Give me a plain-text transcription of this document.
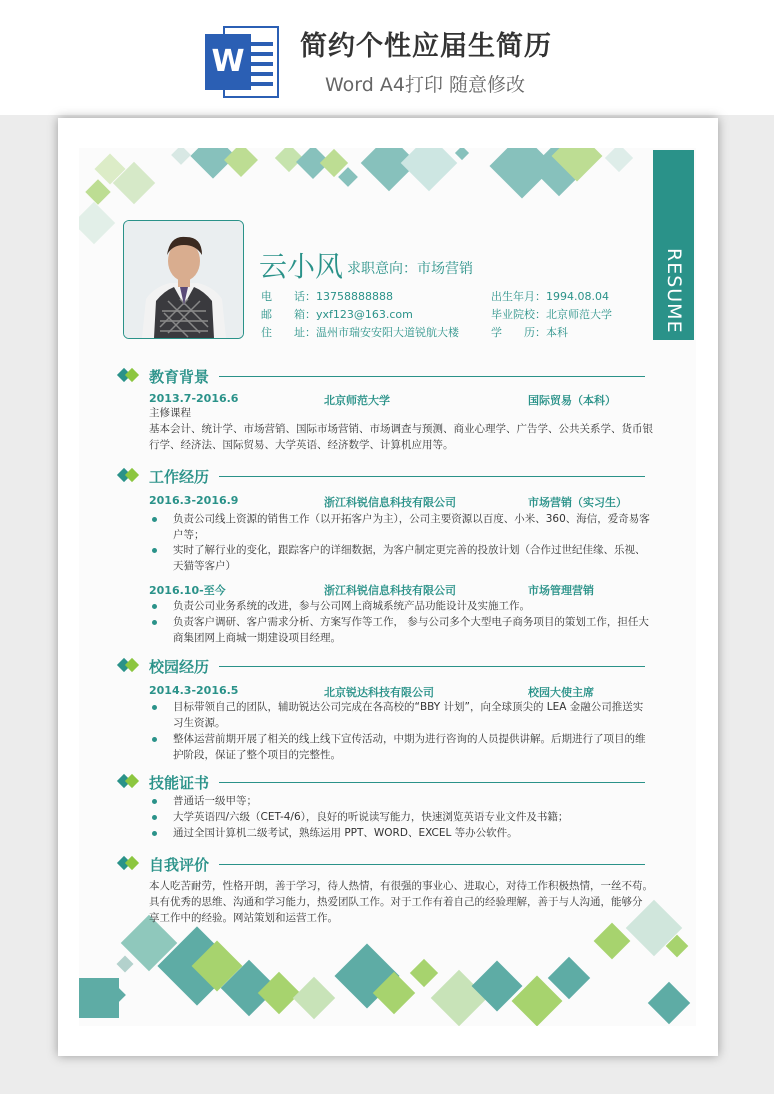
W 简约个性应届生简历
Word A4打印 随意修改
RESUME
云小风 求职意向：市场营销
电　　话：13758888888
邮　　箱：yxf123@163.com
住　　址：温州市瑞安安阳大道锐航大楼
出生年月：1994.08.04
毕业院校：北京师范大学
学　　历：本科
教育背景
2013.7-2016.6	北京师范大学	国际贸易（本科）
主修课程
基本会计、统计学、市场营销、国际市场营销、市场调查与预测、商业心理学、广告学、公共关系学、货币银
行学、经济法、国际贸易、大学英语、经济数学、计算机应用等。
工作经历
2016.3-2016.9	浙江科锐信息科技有限公司	市场营销（实习生）
负责公司线上资源的销售工作（以开拓客户为主），公司主要资源以百度、小米、360、海信，爱奇易客
户等；
实时了解行业的变化，跟踪客户的详细数据，为客户制定更完善的投放计划（合作过世纪佳缘、乐视、
天猫等客户）
2016.10-至今	浙江科锐信息科技有限公司	市场管理营销
负责公司业务系统的改进，参与公司网上商城系统产品功能设计及实施工作。
负责客户调研、客户需求分析、方案写作等工作， 参与公司多个大型电子商务项目的策划工作，担任大
商集团网上商城一期建设项目经理。
校园经历
2014.3-2016.5	北京锐达科技有限公司	校园大使主席
目标带领自己的团队，辅助锐达公司完成在各高校的“BBY 计划”，向全球顶尖的 LEA 金融公司推送实
习生资源。
整体运营前期开展了相关的线上线下宣传活动，中期为进行咨询的人员提供讲解。后期进行了项目的维
护阶段，保证了整个项目的完整性。
技能证书
普通话一级甲等；
大学英语四/六级（CET-4/6），良好的听说读写能力，快速浏览英语专业文件及书籍；
通过全国计算机二级考试，熟练运用 PPT、WORD、EXCEL 等办公软件。
自我评价
本人吃苦耐劳，性格开朗，善于学习，待人热情，有很强的事业心、进取心，对待工作积极热情，一丝不苟。
具有优秀的思维、沟通和学习能力，热爱团队工作。对于工作有着自己的经验理解，善于与人沟通，能够分
享工作中的经验。网站策划和运营工作。
